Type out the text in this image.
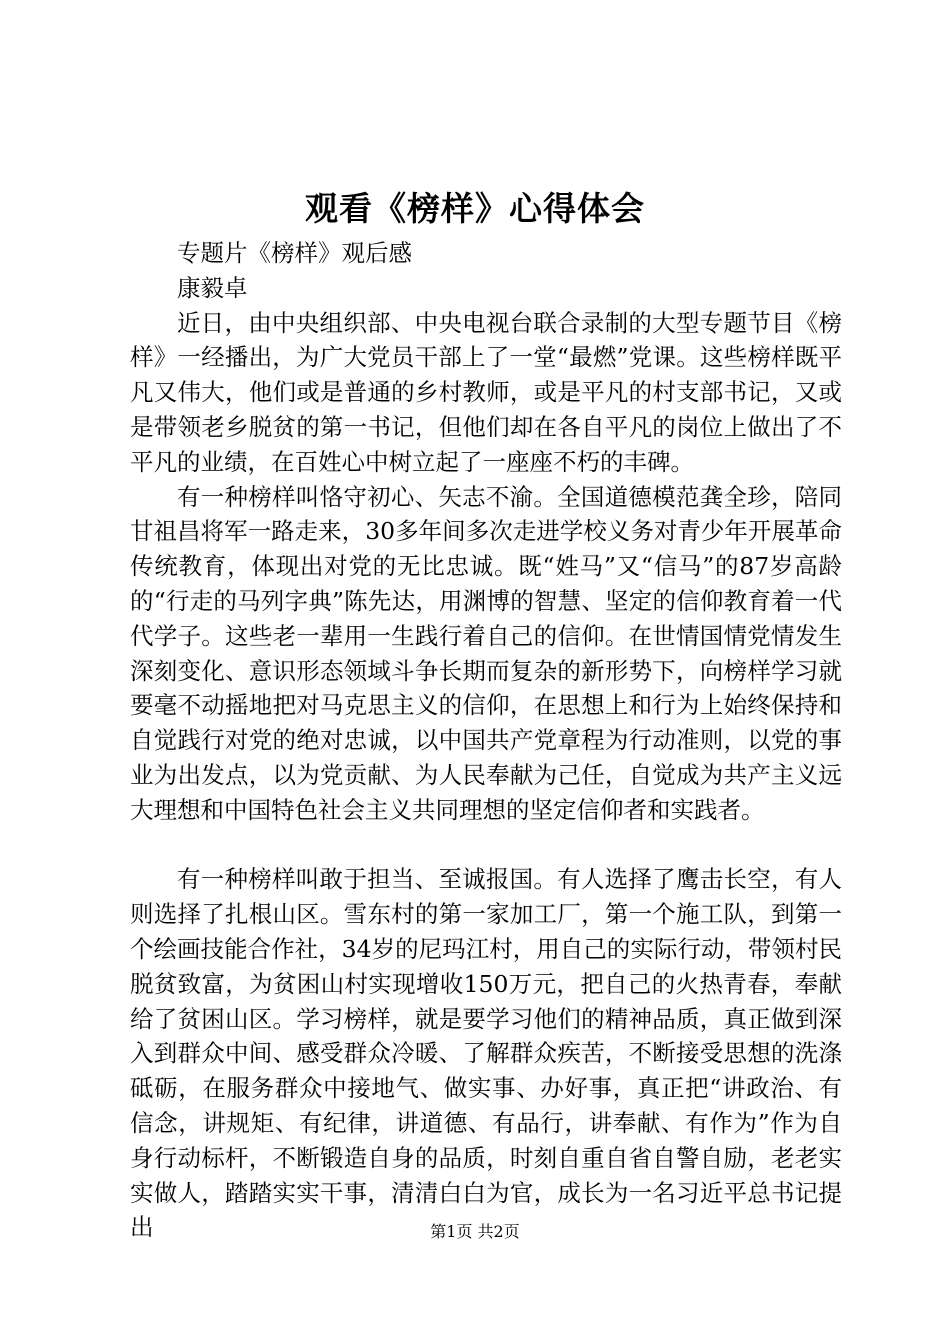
观看《榜样》心得体会

专题片《榜样》观后感

康毅卓

近日，由中央组织部、中央电视台联合录制的大型专题节目《榜样》一经播出，为广大党员干部上了一堂“最燃”党课。这些榜样既平凡又伟大，他们或是普通的乡村教师，或是平凡的村支部书记，又或是带领老乡脱贫的第一书记，但他们却在各自平凡的岗位上做出了不平凡的业绩，在百姓心中树立起了一座座不朽的丰碑。

有一种榜样叫恪守初心、矢志不渝。全国道德模范龚全珍，陪同甘祖昌将军一路走来，30多年间多次走进学校义务对青少年开展革命传统教育，体现出对党的无比忠诚。既“姓马”又“信马”的87岁高龄的“行走的马列字典”陈先达，用渊博的智慧、坚定的信仰教育着一代代学子。这些老一辈用一生践行着自己的信仰。在世情国情党情发生深刻变化、意识形态领域斗争长期而复杂的新形势下，向榜样学习就要毫不动摇地把对马克思主义的信仰，在思想上和行为上始终保持和自觉践行对党的绝对忠诚，以中国共产党章程为行动准则，以党的事业为出发点，以为党贡献、为人民奉献为己任，自觉成为共产主义远大理想和中国特色社会主义共同理想的坚定信仰者和实践者。

有一种榜样叫敢于担当、至诚报国。有人选择了鹰击长空，有人则选择了扎根山区。雪东村的第一家加工厂，第一个施工队，到第一个绘画技能合作社，34岁的尼玛江村，用自己的实际行动，带领村民脱贫致富，为贫困山村实现增收150万元，把自己的火热青春，奉献给了贫困山区。学习榜样，就是要学习他们的精神品质，真正做到深入到群众中间、感受群众冷暖、了解群众疾苦，不断接受思想的洗涤砥砺，在服务群众中接地气、做实事、办好事，真正把“讲政治、有信念，讲规矩、有纪律，讲道德、有品行，讲奉献、有作为”作为自身行动标杆，不断锻造自身的品质，时刻自重自省自警自励，老老实实做人，踏踏实实干事，清清白白为官，成长为一名习近平总书记提出	第1页 共2页
